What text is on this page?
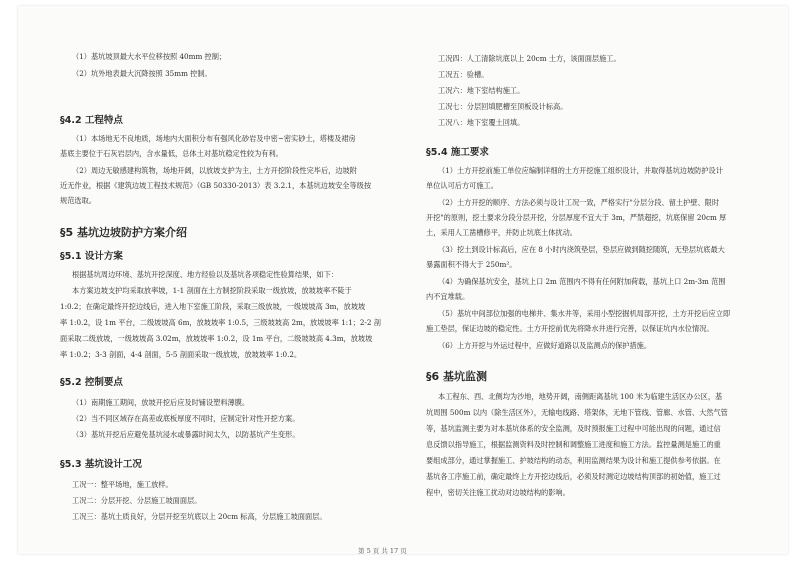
（1）基坑坡顶最大水平位移按照 40mm 控制；
（2）坑外地表最大沉降按照 35mm 控制。
§4.2 工程特点
（1）本场地无不良地质，场地内大面积分布有强风化砂岩及中密~密实砂土，塔楼及裙房
基底主要位于石灰岩层内，含水量低，总体土对基坑稳定性较为有利。
（2）周边无敏感建构筑物，场地开阔，以放坡支护为主，土方开挖阶段性完毕后，边坡附
近无作业，根据《建筑边坡工程技术规范》（GB 50330-2013）表 3.2.1，本基坑边坡安全等级按
规范选取。
§5 基坑边坡防护方案介绍
§5.1 设计方案
根据基坑周边环境、基坑开挖深度、地方经验以及基坑各项稳定性验算结果，如下：
本方案边坡支护均采取放率坡，1-1 剖面在土方制挖阶段采取一级放坡，放坡坡率不陡于
1:0.2；在确定最终开挖边线后，进入地下室施工阶段，采取三级放坡，一级坡坡高 3m，放坡坡
率 1:0.2，设 1m 平台，二级坡坡高 6m，放坡坡率 1:0.5，三级坡坡高 2m，放坡坡率 1:1；2-2 剖
面采取二级放坡，一级坡坡高 3.02m，放坡坡率 1:0.2，设 1m 平台，二级坡坡高 4.3m，放坡坡
率 1:0.2；3-3 剖面，4-4 剖面，5-5 剖面采取一级放坡，放坡坡率 1:0.2。
§5.2 控制要点
（1）南期施工期间，放坡开挖后应及时铺设塑料薄膜。
（2）当不同区域存在高差或底板厚度不同时，应制定针对性开挖方案。
（3）基坑开挖后应避免基坑浸水或暴露时间太久，以防基坑产生变形。
§5.3 基坑设计工况
工况一：整平场地，施工放样。
工况二：分层开挖、分层施工坡面面层。
工况三：基坑土质良好，分层开挖至坑底以上 20cm 标高，分层施工坡面面层。
工况四：人工清除坑底以上 20cm 土方，该面面层施工。
工况五：验槽。
工况六：地下室结构施工。
工况七：分层回填肥槽至顶板设计标高。
工况八：地下室覆土回填。
§5.4 施工要求
（1）土方开挖前施工单位应编制详细的土方开挖施工组织设计，并取得基坑边坡防护设计
单位认可后方可施工。
（2）土方开挖的顺序、方法必须与设计工况一致，严格实行"分层分段、留土护壁、限时
开挖"的原则，挖土要求分段分层开挖，分层厚度不宜大于 3m，严禁超挖，坑底保留 20cm 厚
土，采用人工凿槽修平，并防止坑底土体扰动。
（3）挖土到设计标高后，应在 8 小时内浇筑垫层，垫层应做到随挖随筑，无垫层坑底最大
暴露面积不得大于 250m²。
（4）为确保基坑安全，基坑上口 2m 范围内不得有任何附加荷载，基坑上口 2m-3m 范围
内不宜堆载。
（5）基坑中间部位加强的电梯井、集水井等，采用小型挖掘机局部开挖，土方开挖后应立即
施工垫层，保证边坡的稳定性。土方开挖前优先将降水井进行完善，以保证坑内水位情况。
（6）上方开挖与外运过程中，应做好道路以及监测点的保护措施。
§6 基坑监测
本工程东、西、北侧均为沙地，地势开阔，南侧距离基坑 100 米为临建生活区办公区，基
坑周围 500m 以内（除生活区外），无输电线路、塔架体，无地下管线、管廊、水管、大然气管
等，基坑监测主要为对本基坑体系的安全监测，及时预报施工过程中可能出现的问题，通过信
息反馈以指导施工，根据监测资料及时控制和调整施工进度和施工方法。监控量测是施工的重
要组成部分，通过掌握施工、护坡结构的动态，利用监测结果为设计和施工提供参考依据。在
基坑各工序施工前，确定最终上方开挖边线后，必须及时测定边坡结构顶部的初始值，施工过
程中，密切关注施工扰动对边坡结构的影响。
第 5 页 共 17 页
